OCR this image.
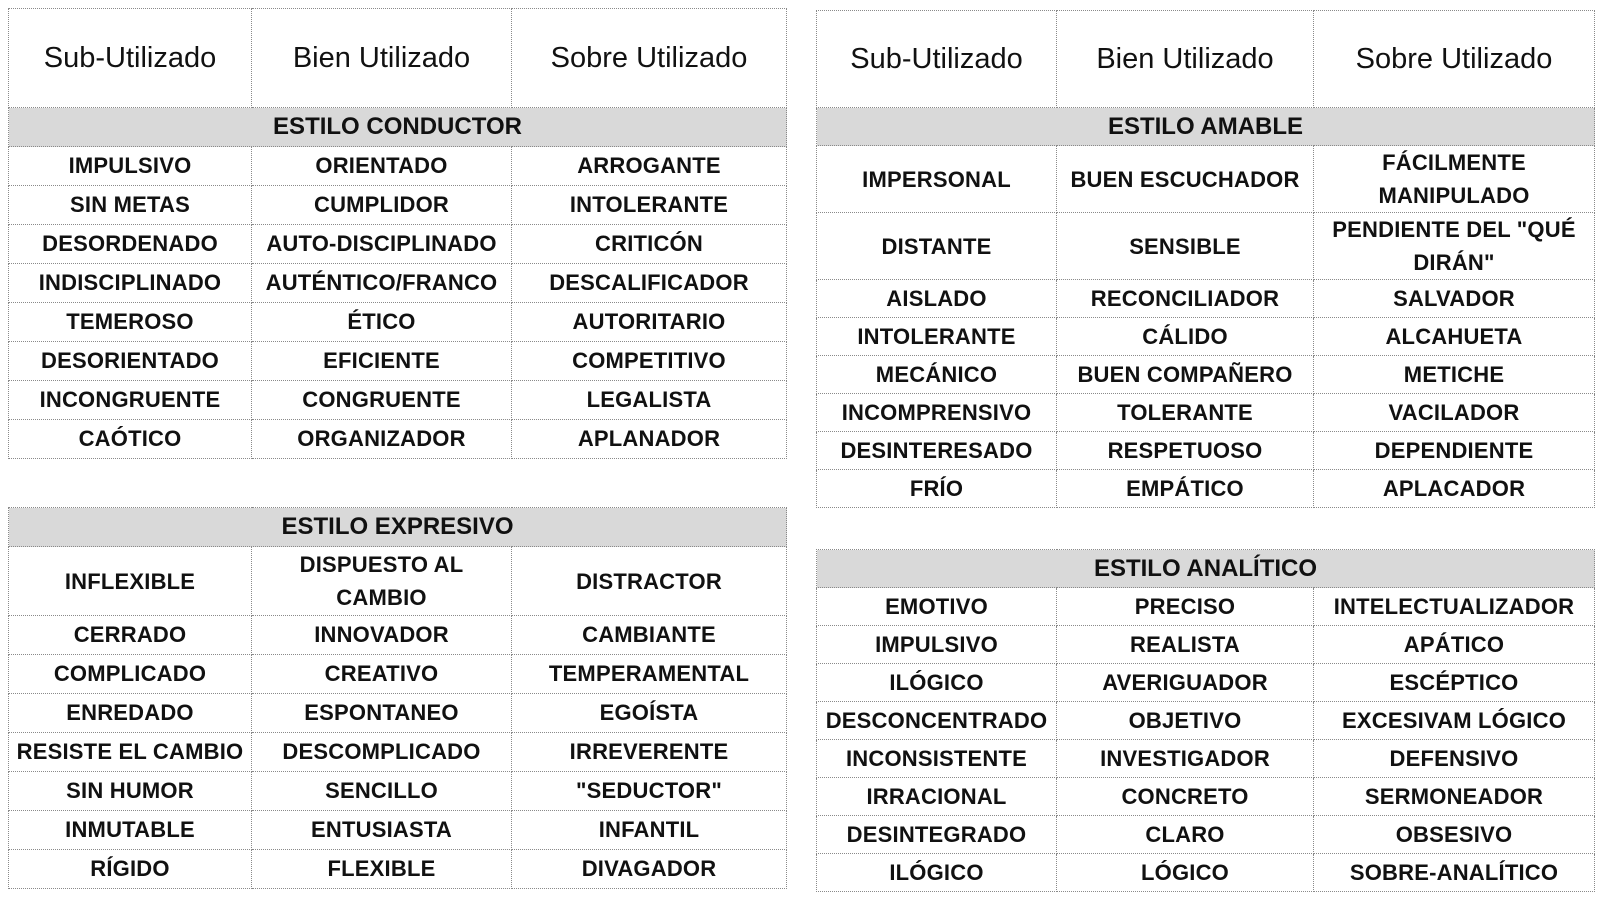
Sub-Utilizado	Bien Utilizado	Sobre Utilizado
ESTILO CONDUCTOR		
IMPULSIVO	ORIENTADO	ARROGANTE
SIN METAS	CUMPLIDOR	INTOLERANTE
DESORDENADO	AUTO-DISCIPLINADO	CRITICÓN
INDISCIPLINADO	AUTÉNTICO/FRANCO	DESCALIFICADOR
TEMEROSO	ÉTICO	AUTORITARIO
DESORIENTADO	EFICIENTE	COMPETITIVO
INCONGRUENTE	CONGRUENTE	LEGALISTA
CAÓTICO	ORGANIZADOR	APLANADOR
ESTILO EXPRESIVO		
INFLEXIBLE	DISPUESTO AL CAMBIO	DISTRACTOR
CERRADO	INNOVADOR	CAMBIANTE
COMPLICADO	CREATIVO	TEMPERAMENTAL
ENREDADO	ESPONTANEO	EGOÍSTA
RESISTE EL CAMBIO	DESCOMPLICADO	IRREVERENTE
SIN HUMOR	SENCILLO	"SEDUCTOR"
INMUTABLE	ENTUSIASTA	INFANTIL
RÍGIDO	FLEXIBLE	DIVAGADOR
Sub-Utilizado	Bien Utilizado	Sobre Utilizado
ESTILO AMABLE		
IMPERSONAL	BUEN ESCUCHADOR	FÁCILMENTE MANIPULADO
DISTANTE	SENSIBLE	PENDIENTE DEL "QUÉ DIRÁN"
AISLADO	RECONCILIADOR	SALVADOR
INTOLERANTE	CÁLIDO	ALCAHUETA
MECÁNICO	BUEN COMPAÑERO	METICHE
INCOMPRENSIVO	TOLERANTE	VACILADOR
DESINTERESADO	RESPETUOSO	DEPENDIENTE
FRÍO	EMPÁTICO	APLACADOR
ESTILO ANALÍTICO		
EMOTIVO	PRECISO	INTELECTUALIZADOR
IMPULSIVO	REALISTA	APÁTICO
ILÓGICO	AVERIGUADOR	ESCÉPTICO
DESCONCENTRADO	OBJETIVO	EXCESIVAM LÓGICO
INCONSISTENTE	INVESTIGADOR	DEFENSIVO
IRRACIONAL	CONCRETO	SERMONEADOR
DESINTEGRADO	CLARO	OBSESIVO
ILÓGICO	LÓGICO	SOBRE-ANALÍTICO
